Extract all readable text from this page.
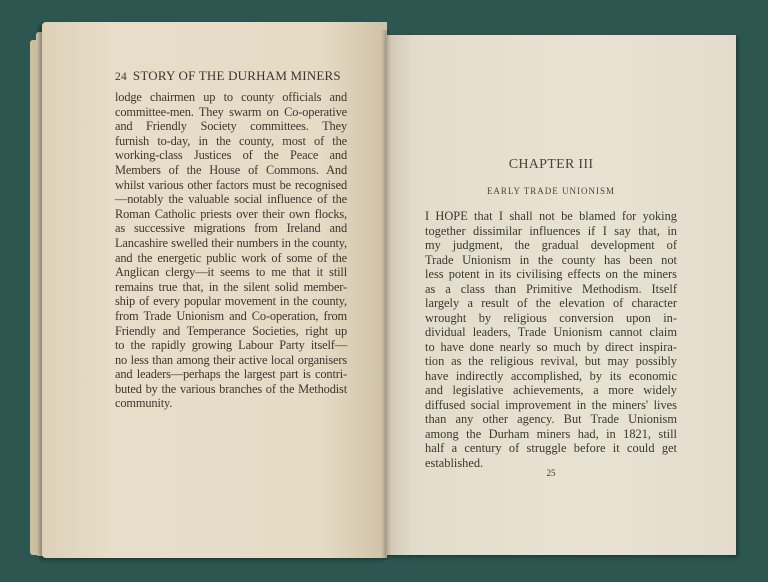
24 STORY OF THE DURHAM MINERS
lodge chairmen up to county officials and
committee-men. They swarm on Co-operative
and Friendly Society committees. They
furnish to-day, in the county, most of the
working-class Justices of the Peace and
Members of the House of Commons. And
whilst various other factors must be recognised
—notably the valuable social influence of the
Roman Catholic priests over their own flocks,
as successive migrations from Ireland and
Lancashire swelled their numbers in the county,
and the energetic public work of some of the
Anglican clergy—it seems to me that it still
remains true that, in the silent solid member-
ship of every popular movement in the county,
from Trade Unionism and Co-operation, from
Friendly and Temperance Societies, right up
to the rapidly growing Labour Party itself—
no less than among their active local organisers
and leaders—perhaps the largest part is contri-
buted by the various branches of the Methodist
community.
CHAPTER III
EARLY TRADE UNIONISM
I HOPE that I shall not be blamed for yoking
together dissimilar influences if I say that, in
my judgment, the gradual development of
Trade Unionism in the county has been not
less potent in its civilising effects on the miners
as a class than Primitive Methodism. Itself
largely a result of the elevation of character
wrought by religious conversion upon in-
dividual leaders, Trade Unionism cannot claim
to have done nearly so much by direct inspira-
tion as the religious revival, but may possibly
have indirectly accomplished, by its economic
and legislative achievements, a more widely
diffused social improvement in the miners' lives
than any other agency. But Trade Unionism
among the Durham miners had, in 1821, still
half a century of struggle before it could get
established.
25
